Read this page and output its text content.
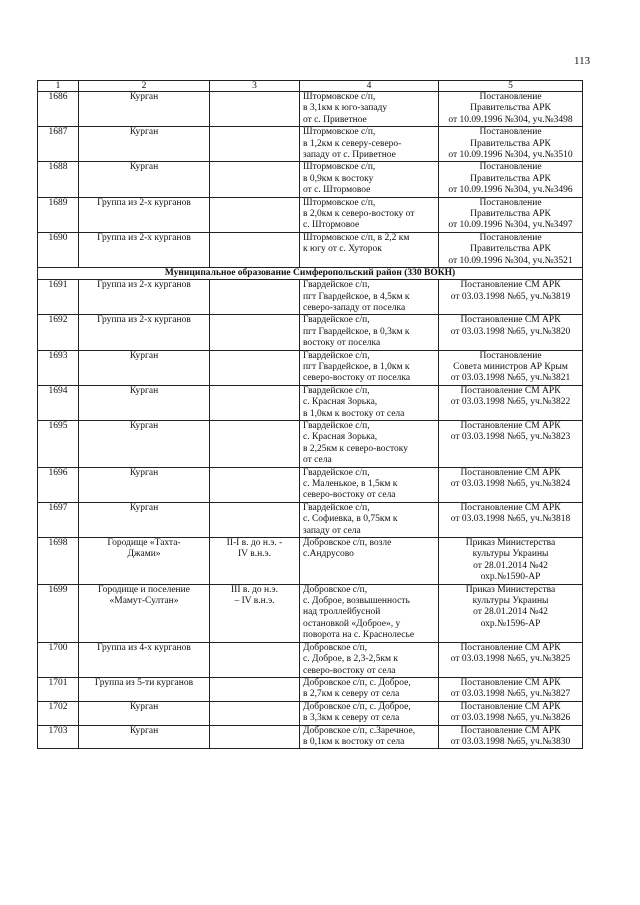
113
1	2	3	4	5
1686	Курган		Штормовское с/п,
в 3,1км к юго-западу
от с. Приветное	Постановление
Правительства АРК
от 10.09.1996 №304, уч.№3498
1687	Курган		Штормовское с/п,
в 1,2км к северу-северо-
западу от с. Приветное	Постановление
Правительства АРК
от 10.09.1996 №304, уч.№3510
1688	Курган		Штормовское с/п,
в 0,9км к востоку
от с. Штормовое	Постановление
Правительства АРК
от 10.09.1996 №304, уч.№3496
1689	Группа из 2-х курганов		Штормовское с/п,
в 2,0км к северо-востоку от
с. Штормовое	Постановление
Правительства АРК
от 10.09.1996 №304, уч.№3497
1690	Группа из 2-х курганов		Штормовское с/п, в 2,2 км
к югу от с. Хуторок	Постановление
Правительства АРК
от 10.09.1996 №304, уч.№3521
Муниципальное образование Симферопольский район (330 ВОКН)				
1691	Группа из 2-х курганов		Гвардейское с/п,
пгт Гвардейское, в 4,5км к
северо-западу от поселка	Постановление СМ АРК
от 03.03.1998 №65, уч.№3819
1692	Группа из 2-х курганов		Гвардейское с/п,
пгт Гвардейское, в 0,3км к
востоку от поселка	Постановление СМ АРК
от 03.03.1998 №65, уч.№3820
1693	Курган		Гвардейское с/п,
пгт Гвардейское, в 1,0км к
северо-востоку от поселка	Постановление
Совета министров АР Крым
от 03.03.1998 №65, уч.№3821
1694	Курган		Гвардейское с/п,
с. Красная Зорька,
в 1,0км к востоку от села	Постановление СМ АРК
от 03.03.1998 №65, уч.№3822
1695	Курган		Гвардейское с/п,
с. Красная Зорька,
в 2,25км к северо-востоку
от села	Постановление СМ АРК
от 03.03.1998 №65, уч.№3823
1696	Курган		Гвардейское с/п,
с. Маленькое, в 1,5км к
северо-востоку от села	Постановление СМ АРК
от 03.03.1998 №65, уч.№3824
1697	Курган		Гвардейское с/п,
с. Софиевка, в 0,75км к
западу от села	Постановление СМ АРК
от 03.03.1998 №65, уч.№3818
1698	Городище «Тахта-
Джами»	II-I в. до н.э. -
IV в.н.э.	Добровское с/п, возле
с.Андрусово	Приказ Министерства
культуры Украины
от 28.01.2014 №42
охр.№1590-АР
1699	Городище и поселение
«Мамут-Султан»	III в. до н.э.
– IV в.н.э.	Добровское с/п,
с. Доброе, возвышенность
над троллейбусной
остановкой «Доброе», у
поворота на с. Краснолесье	Приказ Министерства
культуры Украины
от 28.01.2014 №42
охр.№1596-АР
1700	Группа из 4-х курганов		Добровское с/п,
с. Доброе, в 2,3-2,5км к
северо-востоку от села	Постановление СМ АРК
от 03.03.1998 №65, уч.№3825
1701	Группа из 5-ти курганов		Добровское с/п, с. Доброе,
в 2,7км к северу от села	Постановление СМ АРК
от 03.03.1998 №65, уч.№3827
1702	Курган		Добровское с/п, с. Доброе,
в 3,3км к северу от села	Постановление СМ АРК
от 03.03.1998 №65, уч.№3826
1703	Курган		Добровское с/п, с.Заречное,
в 0,1км к востоку от села	Постановление СМ АРК
от 03.03.1998 №65, уч.№3830
